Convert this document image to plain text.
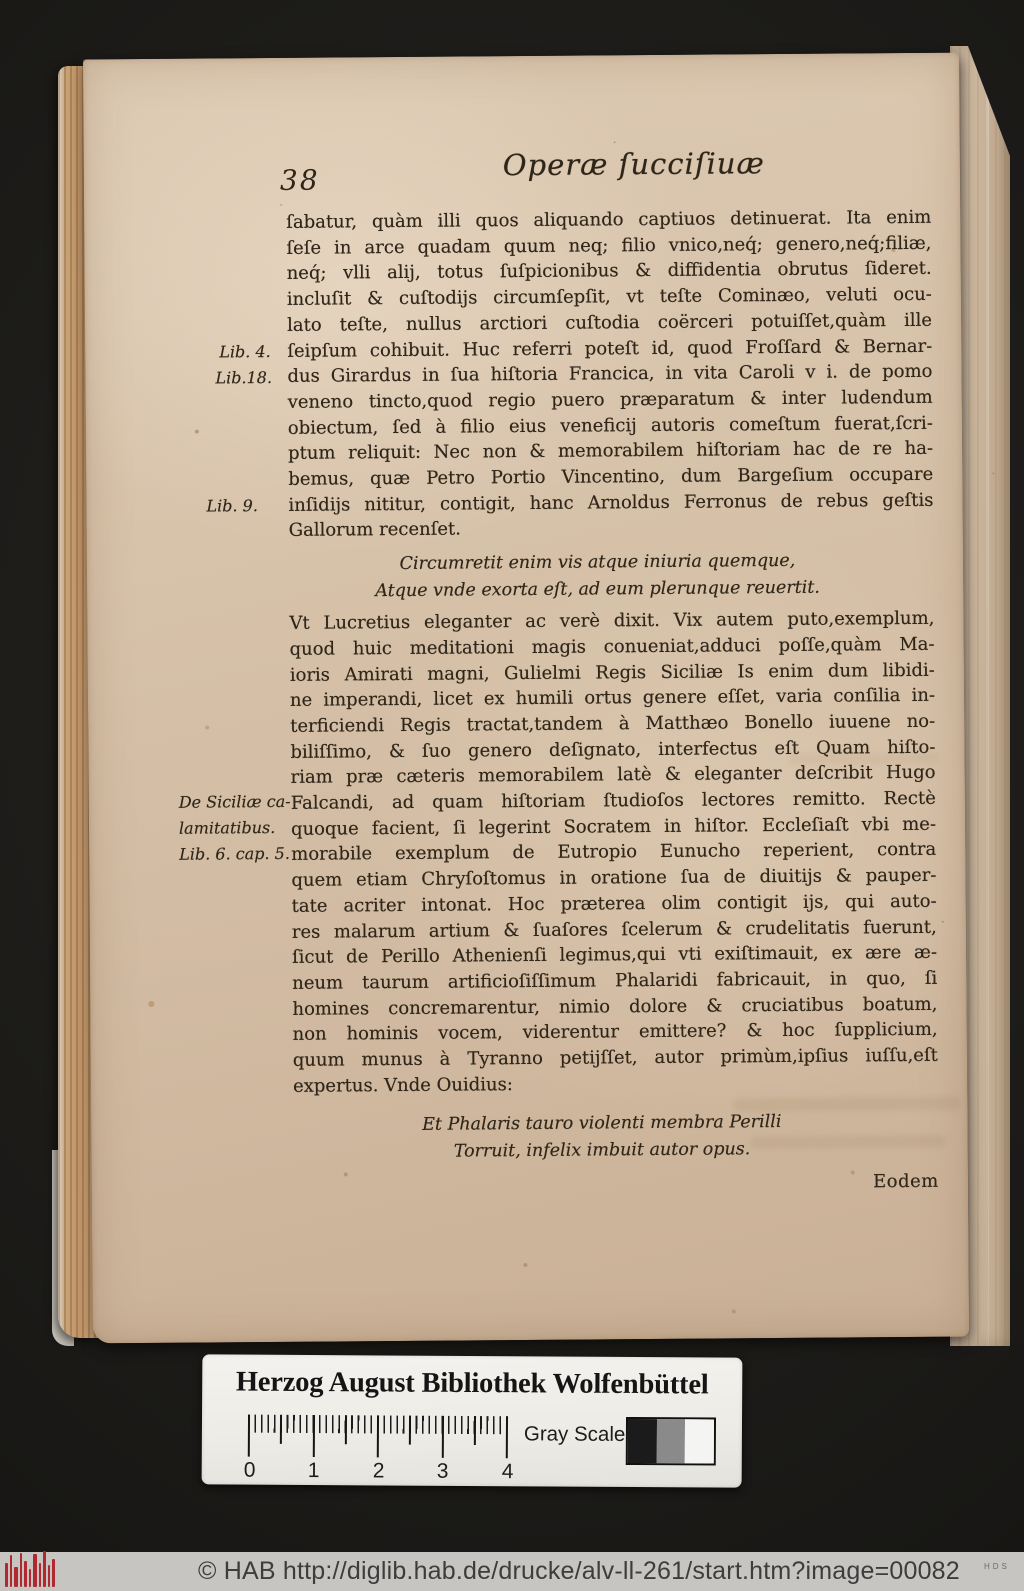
38	Operæ ſucciſiuæ
Lib. 4.
Lib.18.
Lib. 9.
De Siciliæ ca-
lamitatibus.
Lib. 6. cap. 5.
ſabatur, quàm illi quos aliquando captiuos detinuerat. Ita enim
ſeſe in arce quadam quum neq; filio vnico,neq́; genero,neq́;filiæ,
neq́; vlli alij, totus ſuſpicionibus & diffidentia obrutus ſideret.
incluſit & cuſtodijs circumſepſit, vt teſte Cominæo, veluti ocu-
lato teſte, nullus arctiori cuſtodia coërceri potuiſſet,quàm ille
ſeipſum cohibuit. Huc referri poteſt id, quod Froſſard & Bernar-
dus Girardus in ſua hiſtoria Francica, in vita Caroli v i. de pomo
veneno tincto,quod regio puero præparatum & inter ludendum
obiectum, ſed à filio eius veneficij autoris comeſtum fuerat,ſcri-
ptum reliquit: Nec non & memorabilem hiſtoriam hac de re ha-
bemus, quæ Petro Portio Vincentino, dum Bargeſium occupare
inſidijs nititur, contigit, hanc Arnoldus Ferronus de rebus geſtis
Gallorum recenſet.
Circumretit enim vis atque iniuria quemque,
Atque vnde exorta eſt, ad eum plerunque reuertit.
Vt Lucretius eleganter ac verè dixit. Vix autem puto,exemplum,
quod huic meditationi magis conueniat,adduci poſſe,quàm Ma-
ioris Amirati magni, Gulielmi Regis Siciliæ Is enim dum libidi-
ne imperandi, licet ex humili ortus genere eſſet, varia conſilia in-
terficiendi Regis tractat,tandem à Matthæo Bonello iuuene no-
biliſſimo, & ſuo genero deſignato, interfectus eſt Quam hiſto-
riam præ cæteris memorabilem latè & eleganter deſcribit Hugo
Falcandi, ad quam hiſtoriam ſtudioſos lectores remitto. Rectè
quoque facient, ſi legerint Socratem in hiſtor. Eccleſiaſt vbi me-
morabile exemplum de Eutropio Eunucho reperient, contra
quem etiam Chryſoſtomus in oratione ſua de diuitijs & pauper-
tate acriter intonat. Hoc præterea olim contigit ijs, qui auto-
res malarum artium & ſuaſores ſcelerum & crudelitatis fuerunt,
ſicut de Perillo Athenienſi legimus,qui vti exiſtimauit, ex ære æ-
neum taurum artificioſiſſimum Phalaridi fabricauit, in quo, ſi
homines concremarentur, nimio dolore & cruciatibus boatum,
non hominis vocem, viderentur emittere? & hoc ſupplicium,
quum munus à Tyranno petijſſet, autor primùm,ipſius iuſſu,eſt
expertus. Vnde Ouidius:
Et Phalaris tauro violenti membra Perilli
Torruit, infelix imbuit autor opus.
Eodem
Herzog August Bibliothek Wolfenbüttel
0 1	2 3	4
Gray Scale
© HAB http://diglib.hab.de/drucke/alv-ll-261/start.htm?image=00082	HDS
